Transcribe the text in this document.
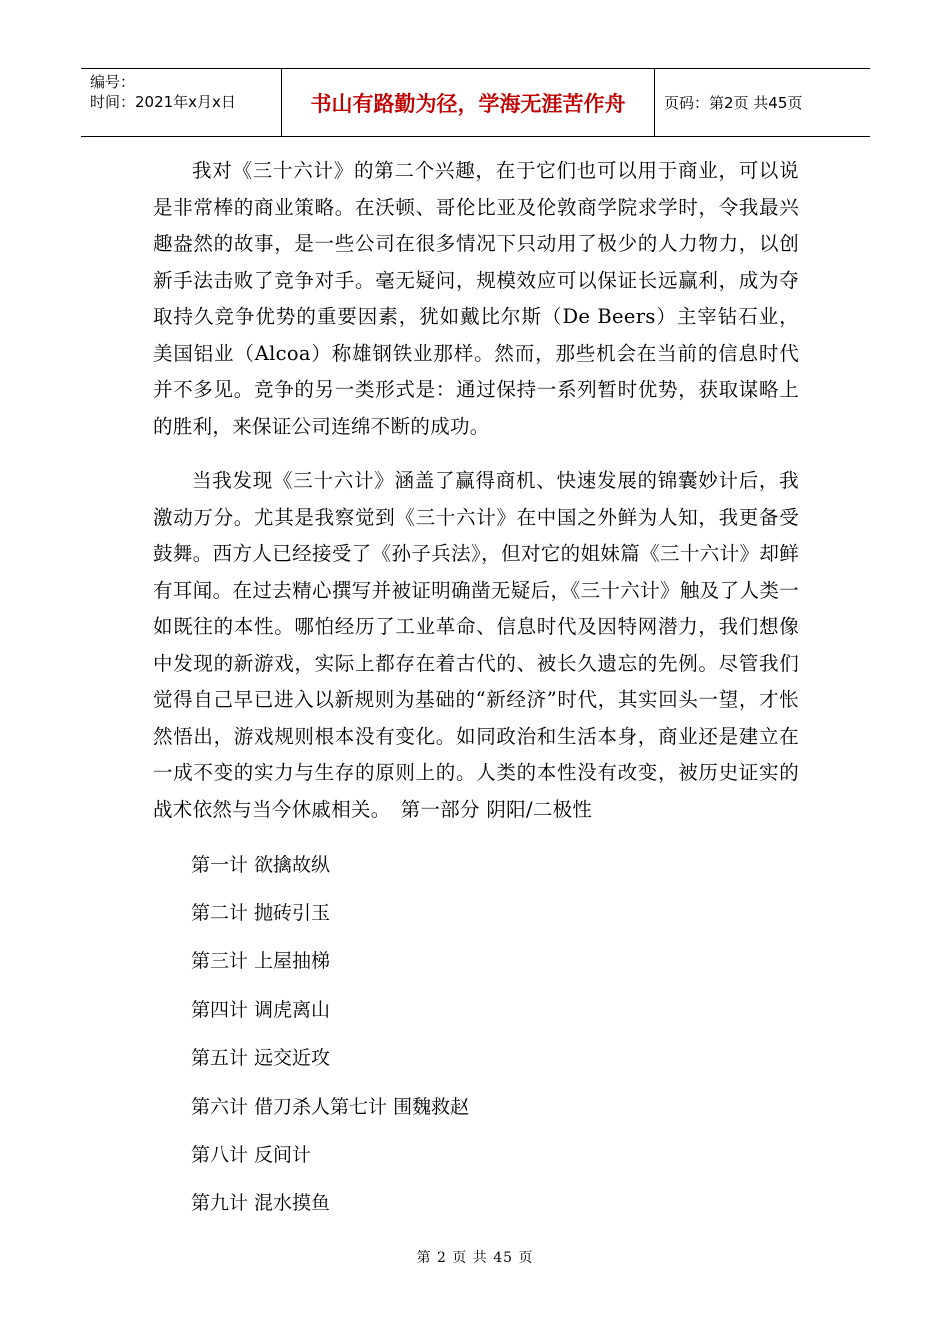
编号：
时间：2021年x月x日	书山有路勤为径，学海无涯苦作舟	页码：第2页 共45页

我对《三十六计》的第二个兴趣，在于它们也可以用于商业，可以说是非常棒的商业策略。在沃顿、哥伦比亚及伦敦商学院求学时，令我最兴趣盎然的故事，是一些公司在很多情况下只动用了极少的人力物力，以创新手法击败了竞争对手。毫无疑问，规模效应可以保证长远赢利，成为夺取持久竞争优势的重要因素，犹如戴比尔斯（De Beers）主宰钻石业，美国铝业（Alcoa）称雄钢铁业那样。然而，那些机会在当前的信息时代并不多见。竞争的另一类形式是：通过保持一系列暂时优势，获取谋略上的胜利，来保证公司连绵不断的成功。

当我发现《三十六计》涵盖了赢得商机、快速发展的锦囊妙计后，我激动万分。尤其是我察觉到《三十六计》在中国之外鲜为人知，我更备受鼓舞。西方人已经接受了《孙子兵法》，但对它的姐妹篇《三十六计》却鲜有耳闻。在过去精心撰写并被证明确凿无疑后，《三十六计》触及了人类一如既往的本性。哪怕经历了工业革命、信息时代及因特网潜力，我们想像中发现的新游戏，实际上都存在着古代的、被长久遗忘的先例。尽管我们觉得自己早已进入以新规则为基础的“新经济”时代，其实回头一望，才怅然悟出，游戏规则根本没有变化。如同政治和生活本身，商业还是建立在一成不变的实力与生存的原则上的。人类的本性没有改变，被历史证实的战术依然与当今休戚相关。　第一部分 阴阳/二极性

第一计 欲擒故纵
第二计 抛砖引玉
第三计 上屋抽梯
第四计 调虎离山
第五计 远交近攻
第六计 借刀杀人第七计 围魏救赵
第八计 反间计
第九计 混水摸鱼
第 2 页 共 45 页
